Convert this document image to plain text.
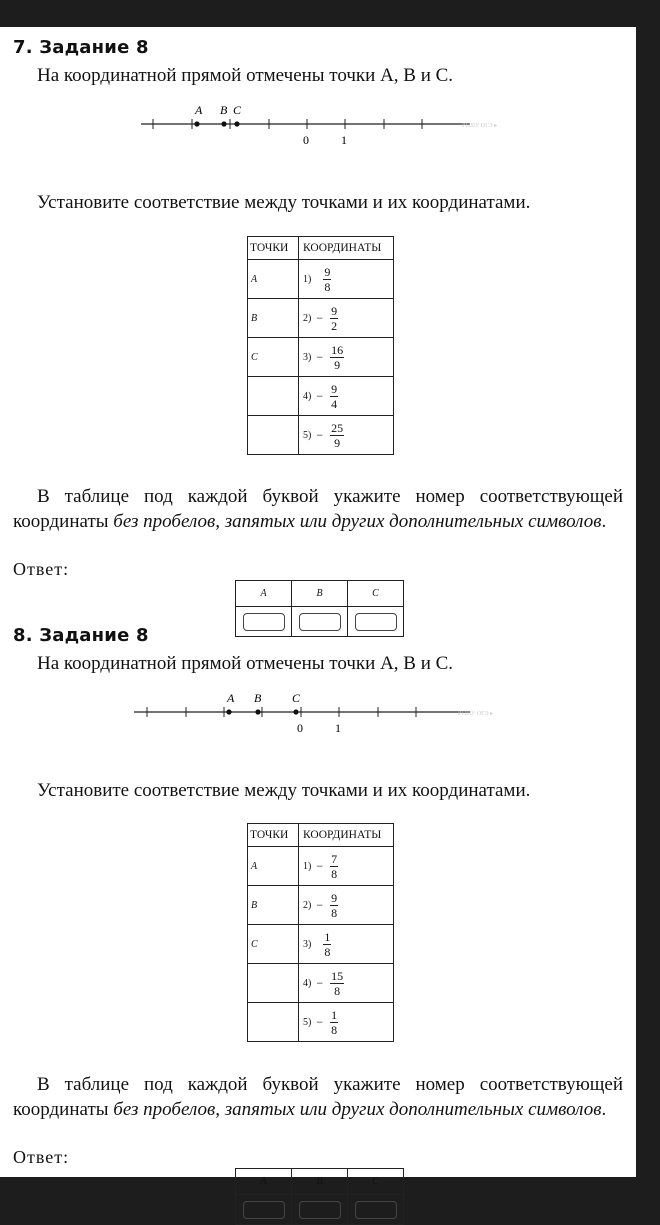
7. Задание 8
На координатной прямой отмечены точки A, B и C.
РЕШУ ОГЭ ▸
A B C
0	1
Установите соответствие между точками и их координатами.
ТОЧКИ	КООРДИНАТЫ
A	$1) \frac{9}{8}$

B	$2) - \frac{9}{2}$

C	$3) - \frac{16}{9}$

	$4) - \frac{9}{4}$

	$5) - \frac{25}{9}$
В таблице под каждой буквой укажите номер соответствующей координаты без пробелов, запятых или других дополнительных символов.
Ответ:
A	B	C

8. Задание 8
На координатной прямой отмечены точки A, B и C.
РЕШУ ОГЭ ▸
A B	C
0	1
Установите соответствие между точками и их координатами.
ТОЧКИ	КООРДИНАТЫ
A	$1) - \frac{7}{8}$

B	$2) - \frac{9}{8}$

C	$3) \frac{1}{8}$

	$4) - \frac{15}{8}$

	$5) - \frac{1}{8}$
В таблице под каждой буквой укажите номер соответствующей координаты без пробелов, запятых или других дополнительных символов.
Ответ:
A	B	C
